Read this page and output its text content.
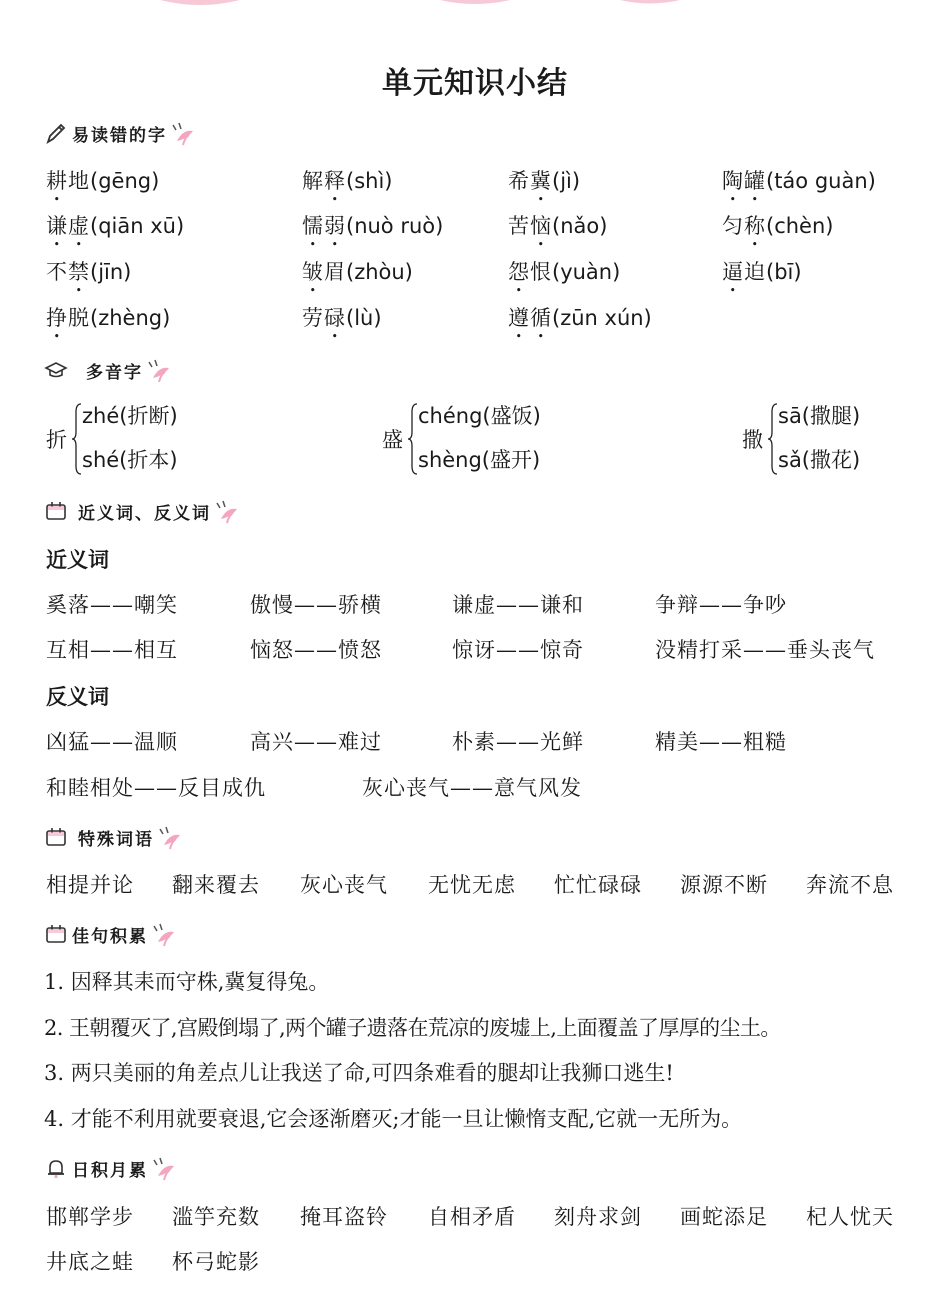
单元知识小结
易读错的字
耕地(gēng)	解释(shì)	希冀(jì)	陶罐(táo guàn)
谦虚(qiān xū)	懦弱(nuò ruò)	苦恼(nǎo)	匀称(chèn)
不禁(jīn)	皱眉(zhòu)	怨恨(yuàn)	逼迫(bī)
挣脱(zhèng)	劳碌(lù)	遵循(zūn xún)
多音字
折
zhé(折断)
shé(折本)
盛
chéng(盛饭)
shèng(盛开)
撒
sā(撒腿)
sǎ(撒花)
近义词、反义词
近义词
奚落——嘲笑	傲慢——骄横	谦虚——谦和	争辩——争吵
互相——相互	恼怒——愤怒	惊讶——惊奇	没精打采——垂头丧气
反义词
凶猛——温顺	高兴——难过	朴素——光鲜	精美——粗糙
和睦相处——反目成仇	灰心丧气——意气风发
特殊词语
相提并论 翻来覆去 灰心丧气 无忧无虑 忙忙碌碌 源源不断 奔流不息
佳句积累
1. 因释其耒而守株,冀复得兔。
2. 王朝覆灭了,宫殿倒塌了,两个罐子遗落在荒凉的废墟上,上面覆盖了厚厚的尘土。
3. 两只美丽的角差点儿让我送了命,可四条难看的腿却让我狮口逃生!
4. 才能不利用就要衰退,它会逐渐磨灭;才能一旦让懒惰支配,它就一无所为。
日积月累
邯郸学步 滥竽充数 掩耳盗铃 自相矛盾 刻舟求剑 画蛇添足 杞人忧天
井底之蛙 杯弓蛇影
